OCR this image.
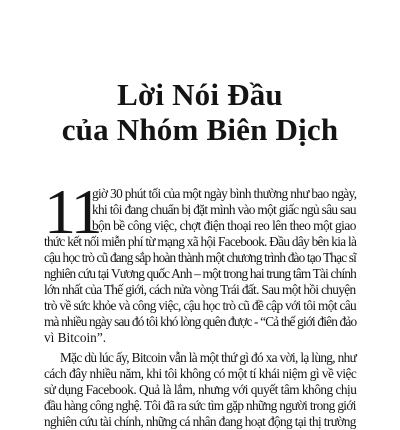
Lời Nói Đầu
của Nhóm Biên Dịch
11
giờ 30 phút tối của một ngày bình thường như bao ngày,
khi tôi đang chuẩn bị đặt mình vào một giấc ngủ sâu sau
bộn bề công việc, chợt điện thoại reo lên theo một giao
thức kết nối miễn phí từ mạng xã hội Facebook. Đầu dây bên kia là
cậu học trò cũ đang sắp hoàn thành một chương trình đào tạo Thạc sĩ
nghiên cứu tại Vương quốc Anh – một trong hai trung tâm Tài chính
lớn nhất của Thế giới, cách nửa vòng Trái đất. Sau một hồi chuyện
trò về sức khỏe và công việc, cậu học trò cũ đề cập với tôi một câu
mà nhiều ngày sau đó tôi khó lòng quên được - “Cả thế giới điên đảo
vì Bitcoin”.
Mặc dù lúc ấy, Bitcoin vẫn là một thứ gì đó xa vời, lạ lùng, như
cách đây nhiều năm, khi tôi không có một tí khái niệm gì về việc
sử dụng Facebook. Quả là lắm, nhưng với quyết tâm không chịu
đầu hàng công nghệ. Tôi đã ra sức tìm gặp những người trong giới
nghiên cứu tài chính, những cá nhân đang hoạt động tại thị trường
